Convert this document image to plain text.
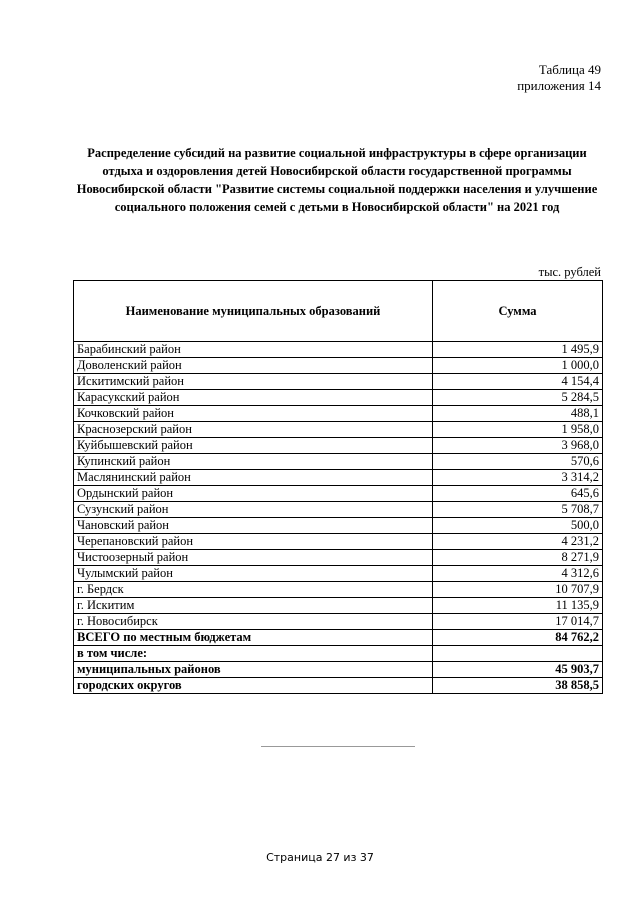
Таблица 49
приложения 14
Распределение субсидий на развитие социальной инфраструктуры в сфере организации отдыха и оздоровления детей Новосибирской области государственной программы Новосибирской области "Развитие системы социальной поддержки населения и улучшение социального положения семей с детьми в Новосибирской области" на 2021 год
тыс. рублей
Наименование муниципальных образований	Сумма
Барабинский район	1 495,9
Доволенский район	1 000,0
Искитимский район	4 154,4
Карасукский район	5 284,5
Кочковский район	488,1
Краснозерский район	1 958,0
Куйбышевский район	3 968,0
Купинский район	570,6
Маслянинский район	3 314,2
Ордынский район	645,6
Сузунский район	5 708,7
Чановский район	500,0
Черепановский район	4 231,2
Чистоозерный район	8 271,9
Чулымский район	4 312,6
г. Бердск	10 707,9
г. Искитим	11 135,9
г. Новосибирск	17 014,7
ВСЕГО по местным бюджетам	84 762,2
в том числе:	
муниципальных районов	45 903,7
городских округов	38 858,5
Страница 27 из 37
